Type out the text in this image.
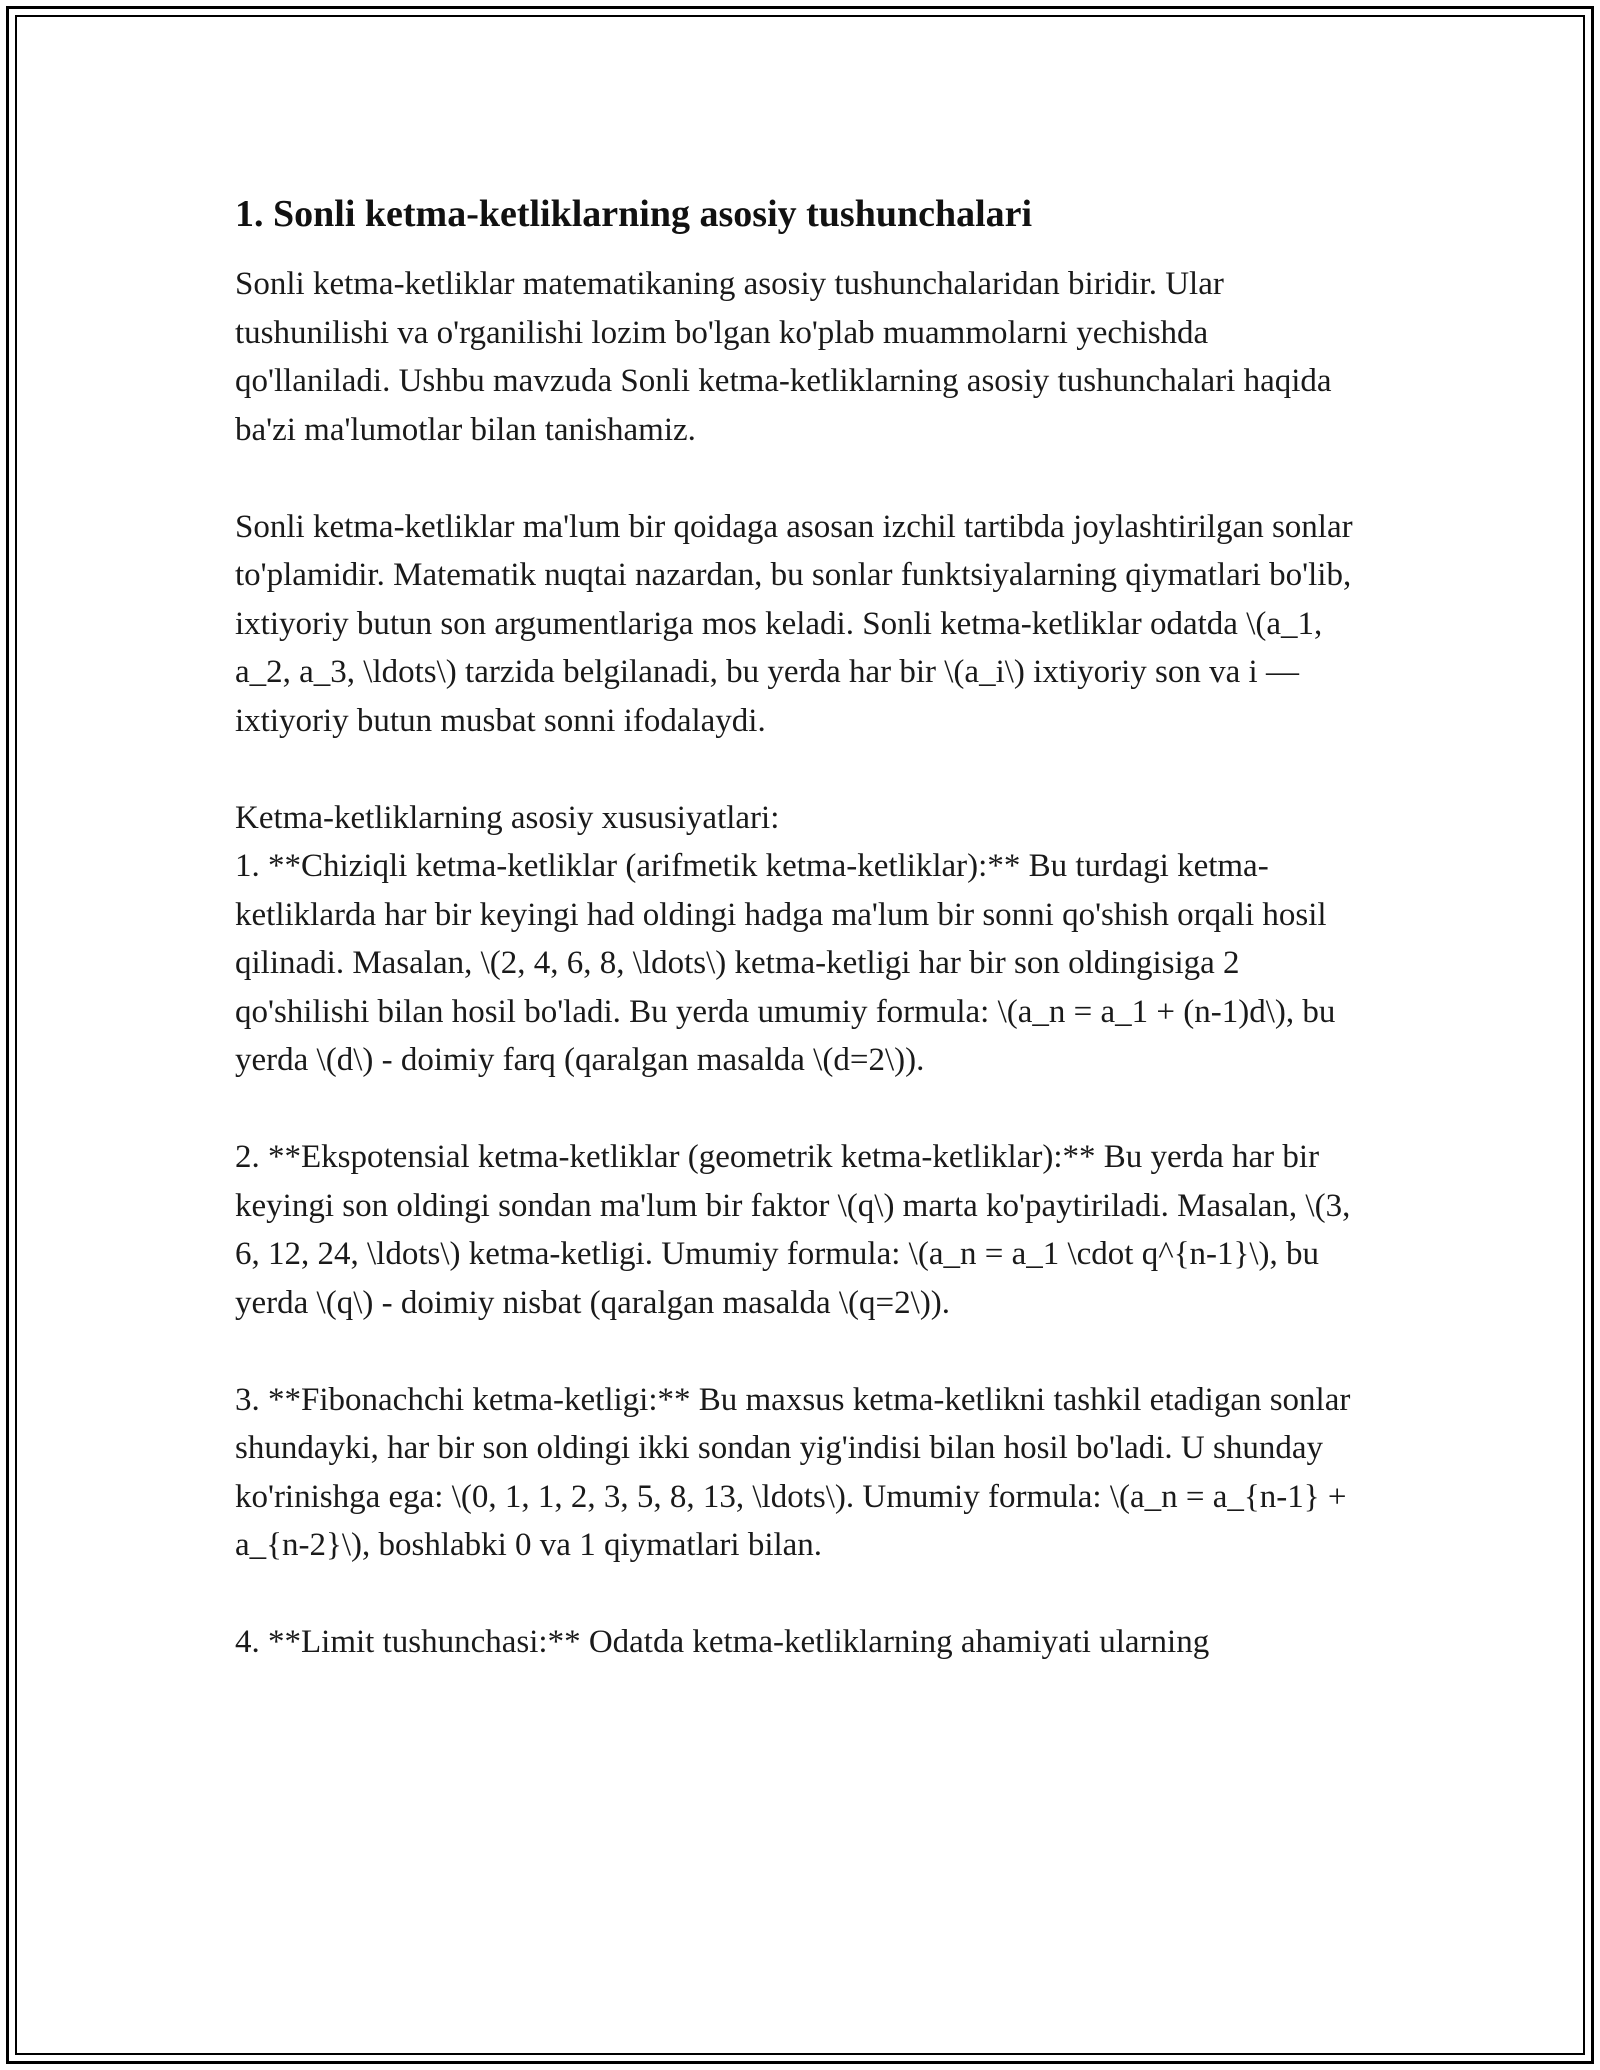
1. Sonli ketma-ketliklarning asosiy tushunchalari

Sonli ketma-ketliklar matematikaning asosiy tushunchalaridan biridir. Ular tushunilishi va o'rganilishi lozim bo'lgan ko'plab muammolarni yechishda qo'llaniladi. Ushbu mavzuda Sonli ketma-ketliklarning asosiy tushunchalari haqida ba'zi ma'lumotlar bilan tanishamiz.

Sonli ketma-ketliklar ma'lum bir qoidaga asosan izchil tartibda joylashtirilgan sonlar to'plamidir. Matematik nuqtai nazardan, bu sonlar funktsiyalarning qiymatlari bo'lib, ixtiyoriy butun son argumentlariga mos keladi. Sonli ketma-ketliklar odatda \(a_1, a_2, a_3, \ldots\) tarzida belgilanadi, bu yerda har bir \(a_i\) ixtiyoriy son va i — ixtiyoriy butun musbat sonni ifodalaydi.

Ketma-ketliklarning asosiy xususiyatlari:

1. **Chiziqli ketma-ketliklar (arifmetik ketma-ketliklar):** Bu turdagi ketma-ketliklarda har bir keyingi had oldingi hadga ma'lum bir sonni qo'shish orqali hosil qilinadi. Masalan, \(2, 4, 6, 8, \ldots\) ketma-ketligi har bir son oldingisiga 2 qo'shilishi bilan hosil bo'ladi. Bu yerda umumiy formula: \(a_n = a_1 + (n-1)d\), bu yerda \(d\) - doimiy farq (qaralgan masalda \(d=2\)).

2. **Ekspotensial ketma-ketliklar (geometrik ketma-ketliklar):** Bu yerda har bir keyingi son oldingi sondan ma'lum bir faktor \(q\) marta ko'paytiriladi. Masalan, \(3, 6, 12, 24, \ldots\) ketma-ketligi. Umumiy formula: \(a_n = a_1 \cdot q^{n-1}\), bu yerda \(q\) - doimiy nisbat (qaralgan masalda \(q=2\)).

3. **Fibonachchi ketma-ketligi:** Bu maxsus ketma-ketlikni tashkil etadigan sonlar shundayki, har bir son oldingi ikki sondan yig'indisi bilan hosil bo'ladi. U shunday ko'rinishga ega: \(0, 1, 1, 2, 3, 5, 8, 13, \ldots\). Umumiy formula: \(a_n = a_{n-1} + a_{n-2}\), boshlabki 0 va 1 qiymatlari bilan.

4. **Limit tushunchasi:** Odatda ketma-ketliklarning ahamiyati ularning
